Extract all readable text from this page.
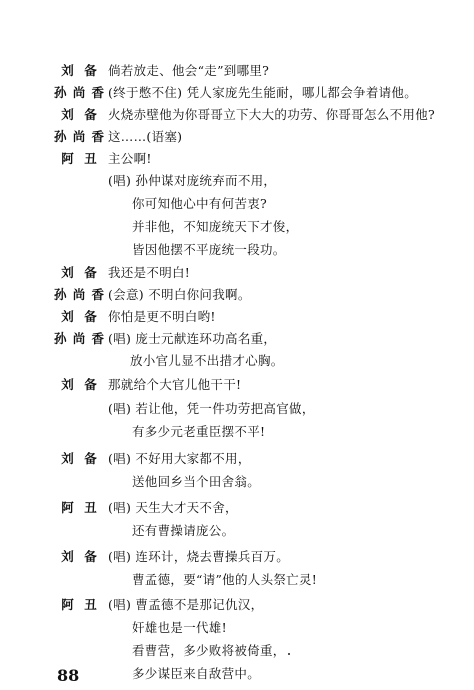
刘 备 倘若放走、他会“走”到哪里?
孙 尚 香 (终于憋不住) 凭人家庞先生能耐，哪儿都会争着请他。
刘 备 火烧赤壁他为你哥哥立下大大的功劳、你哥哥怎么不用他?
孙 尚 香 这……(语塞)
阿 丑 主公啊!
(唱) 孙仲谋对庞统弃而不用，
你可知他心中有何苦衷?
并非他，不知庞统天下才俊，
皆因他摆不平庞统一段功。
刘 备 我还是不明白!
孙 尚 香 (会意) 不明白你问我啊。
刘 备 你怕是更不明白哟!
孙 尚 香 (唱) 庞士元献连环功高名重，
放小官儿显不出措才心胸。
刘 备 那就给个大官儿他干干!
(唱) 若让他，凭一件功劳把高官做，
有多少元老重臣摆不平!
刘 备 (唱) 不好用大家都不用，
送他回乡当个田舍翁。
阿 丑 (唱) 天生大才天不舍，
还有曹操请庞公。
刘 备 (唱) 连环计，烧去曹操兵百万。
曹孟德，要“请”他的人头祭亡灵!
阿 丑 (唱) 曹孟德不是那记仇汉，
奸雄也是一代雄!
看曹营，多少败将被倚重，
多少谋臣来自敌营中。
88
